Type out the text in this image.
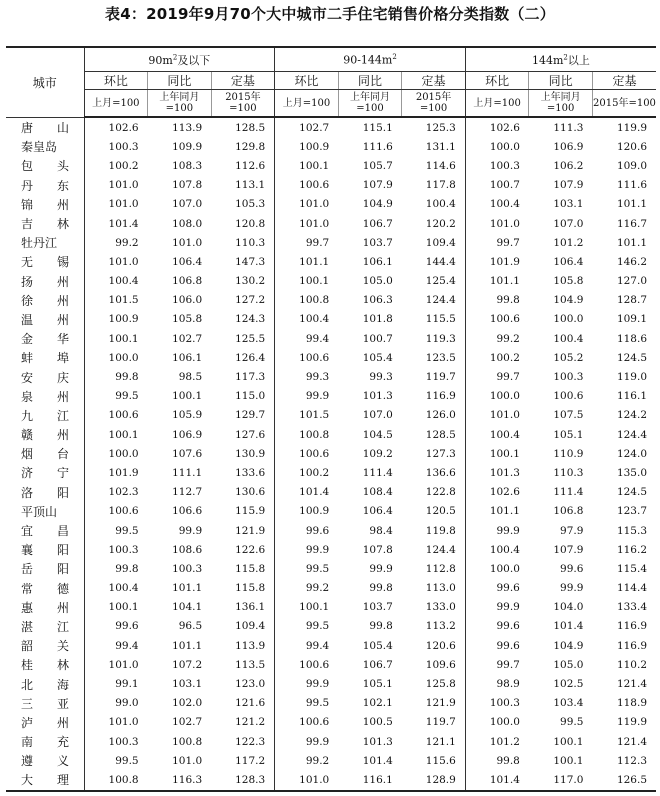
表4：2019年9月70个大中城市二手住宅销售价格分类指数（二）
城市	$90m^2$及以下			$90-144m^2$			$144m^2$以上		
	环比	同比	定基	环比	同比	定基	环比	同比	定基
	上月=100	上年同月=100	2015年=100	上月=100	上年同月=100	2015年=100	上月=100	上年同月=100	2015年=100
唐　　山	102.6	113.9	128.5	102.7	115.1	125.3	102.6	111.3	119.9
秦皇岛	100.3	109.9	129.8	100.9	111.6	131.1	100.0	106.9	120.6
包　　头	100.2	108.3	112.6	100.1	105.7	114.6	100.3	106.2	109.0
丹　　东	101.0	107.8	113.1	100.6	107.9	117.8	100.7	107.9	111.6
锦　　州	101.0	107.0	105.3	101.0	104.9	100.4	100.4	103.1	101.1
吉　　林	101.4	108.0	120.8	101.0	106.7	120.2	101.0	107.0	116.7
牡丹江	99.2	101.0	110.3	99.7	103.7	109.4	99.7	101.2	101.1
无　　锡	101.0	106.4	147.3	101.1	106.1	144.4	101.9	106.4	146.2
扬　　州	100.4	106.8	130.2	100.1	105.0	125.4	101.1	105.8	127.0
徐　　州	101.5	106.0	127.2	100.8	106.3	124.4	99.8	104.9	128.7
温　　州	100.9	105.8	124.3	100.4	101.8	115.5	100.6	100.0	109.1
金　　华	100.1	102.7	125.5	99.4	100.7	119.3	99.2	100.4	118.6
蚌　　埠	100.0	106.1	126.4	100.6	105.4	123.5	100.2	105.2	124.5
安　　庆	99.8	98.5	117.3	99.3	99.3	119.7	99.7	100.3	119.0
泉　　州	99.5	100.1	115.0	99.9	101.3	116.9	100.0	100.6	116.1
九　　江	100.6	105.9	129.7	101.5	107.0	126.0	101.0	107.5	124.2
赣　　州	100.1	106.9	127.6	100.8	104.5	128.5	100.4	105.1	124.4
烟　　台	100.0	107.6	130.9	100.6	109.2	127.3	100.1	110.9	124.0
济　　宁	101.9	111.1	133.6	100.2	111.4	136.6	101.3	110.3	135.0
洛　　阳	102.3	112.7	130.6	101.4	108.4	122.8	102.6	111.4	124.5
平顶山	100.6	106.6	115.9	100.9	106.4	120.5	101.1	106.8	123.7
宜　　昌	99.5	99.9	121.9	99.6	98.4	119.8	99.9	97.9	115.3
襄　　阳	100.3	108.6	122.6	99.9	107.8	124.4	100.4	107.9	116.2
岳　　阳	99.8	100.3	115.8	99.5	99.9	112.8	100.0	99.6	115.4
常　　德	100.4	101.1	115.8	99.2	99.8	113.0	99.6	99.9	114.4
惠　　州	100.1	104.1	136.1	100.1	103.7	133.0	99.9	104.0	133.4
湛　　江	99.6	96.5	109.4	99.5	99.8	113.2	99.6	101.4	116.9
韶　　关	99.4	101.1	113.9	99.4	105.4	120.6	99.6	104.9	116.9
桂　　林	101.0	107.2	113.5	100.6	106.7	109.6	99.7	105.0	110.2
北　　海	99.1	103.1	123.0	99.9	105.1	125.8	98.9	102.5	121.4
三　　亚	99.0	102.0	121.6	99.5	102.1	121.9	100.3	103.4	118.9
泸　　州	101.0	102.7	121.2	100.6	100.5	119.7	100.0	99.5	119.9
南　　充	100.3	100.8	122.3	99.9	101.3	121.1	101.2	100.1	121.4
遵　　义	99.5	101.0	117.2	99.2	101.4	115.6	99.8	100.1	112.3
大　　理	100.8	116.3	128.3	101.0	116.1	128.9	101.4	117.0	126.5
